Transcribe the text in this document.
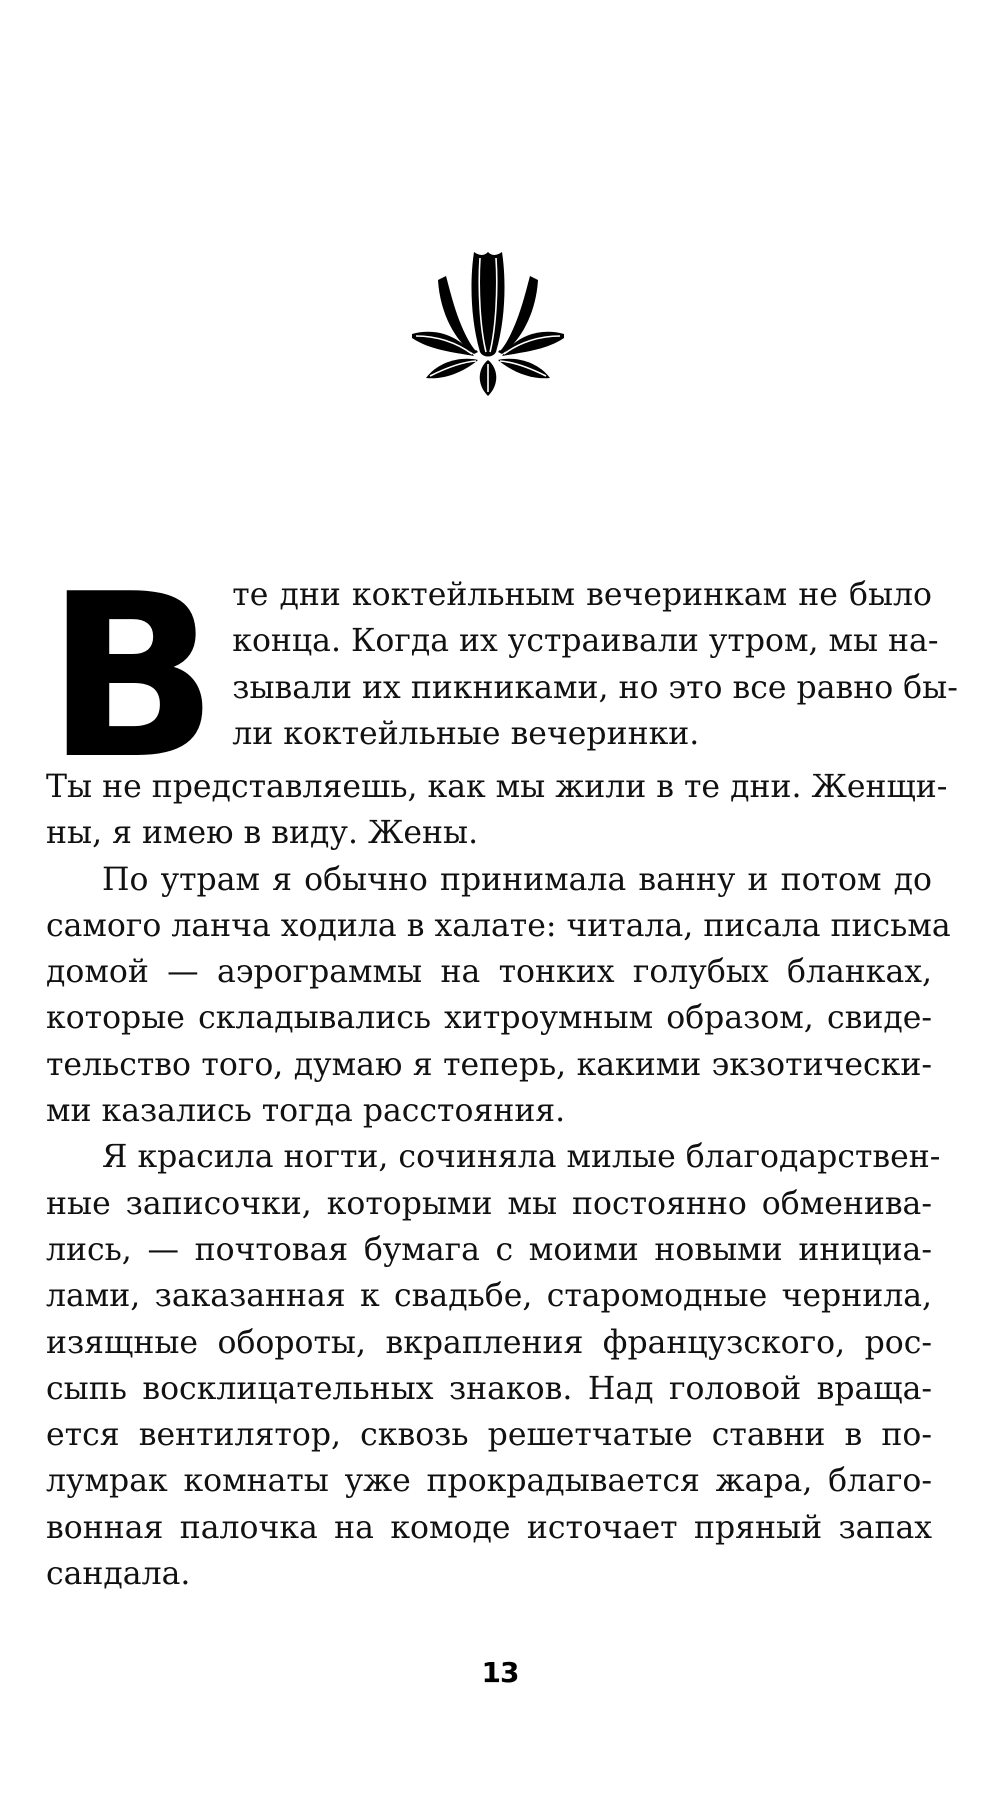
В те дни коктейльным вечеринкам не было
конца. Когда их устраивали утром, мы на-
зывали их пикниками, но это все равно бы-
ли коктейльные вечеринки.
Ты не представляешь, как мы жили в те дни. Женщи-
ны, я имею в виду. Жены.
По утрам я обычно принимала ванну и потом до
самого ланча ходила в халате: читала, писала письма
домой — аэрограммы на тонких голубых бланках,
которые складывались хитроумным образом, свиде-
тельство того, думаю я теперь, какими экзотически-
ми казались тогда расстояния.
Я красила ногти, сочиняла милые благодарствен-
ные записочки, которыми мы постоянно обменива-
лись, — почтовая бумага с моими новыми инициа-
лами, заказанная к свадьбе, старомодные чернила,
изящные обороты, вкрапления французского, рос-
сыпь восклицательных знаков. Над головой враща-
ется вентилятор, сквозь решетчатые ставни в по-
лумрак комнаты уже прокрадывается жара, благо-
вонная палочка на комоде источает пряный запах
сандала.
13
